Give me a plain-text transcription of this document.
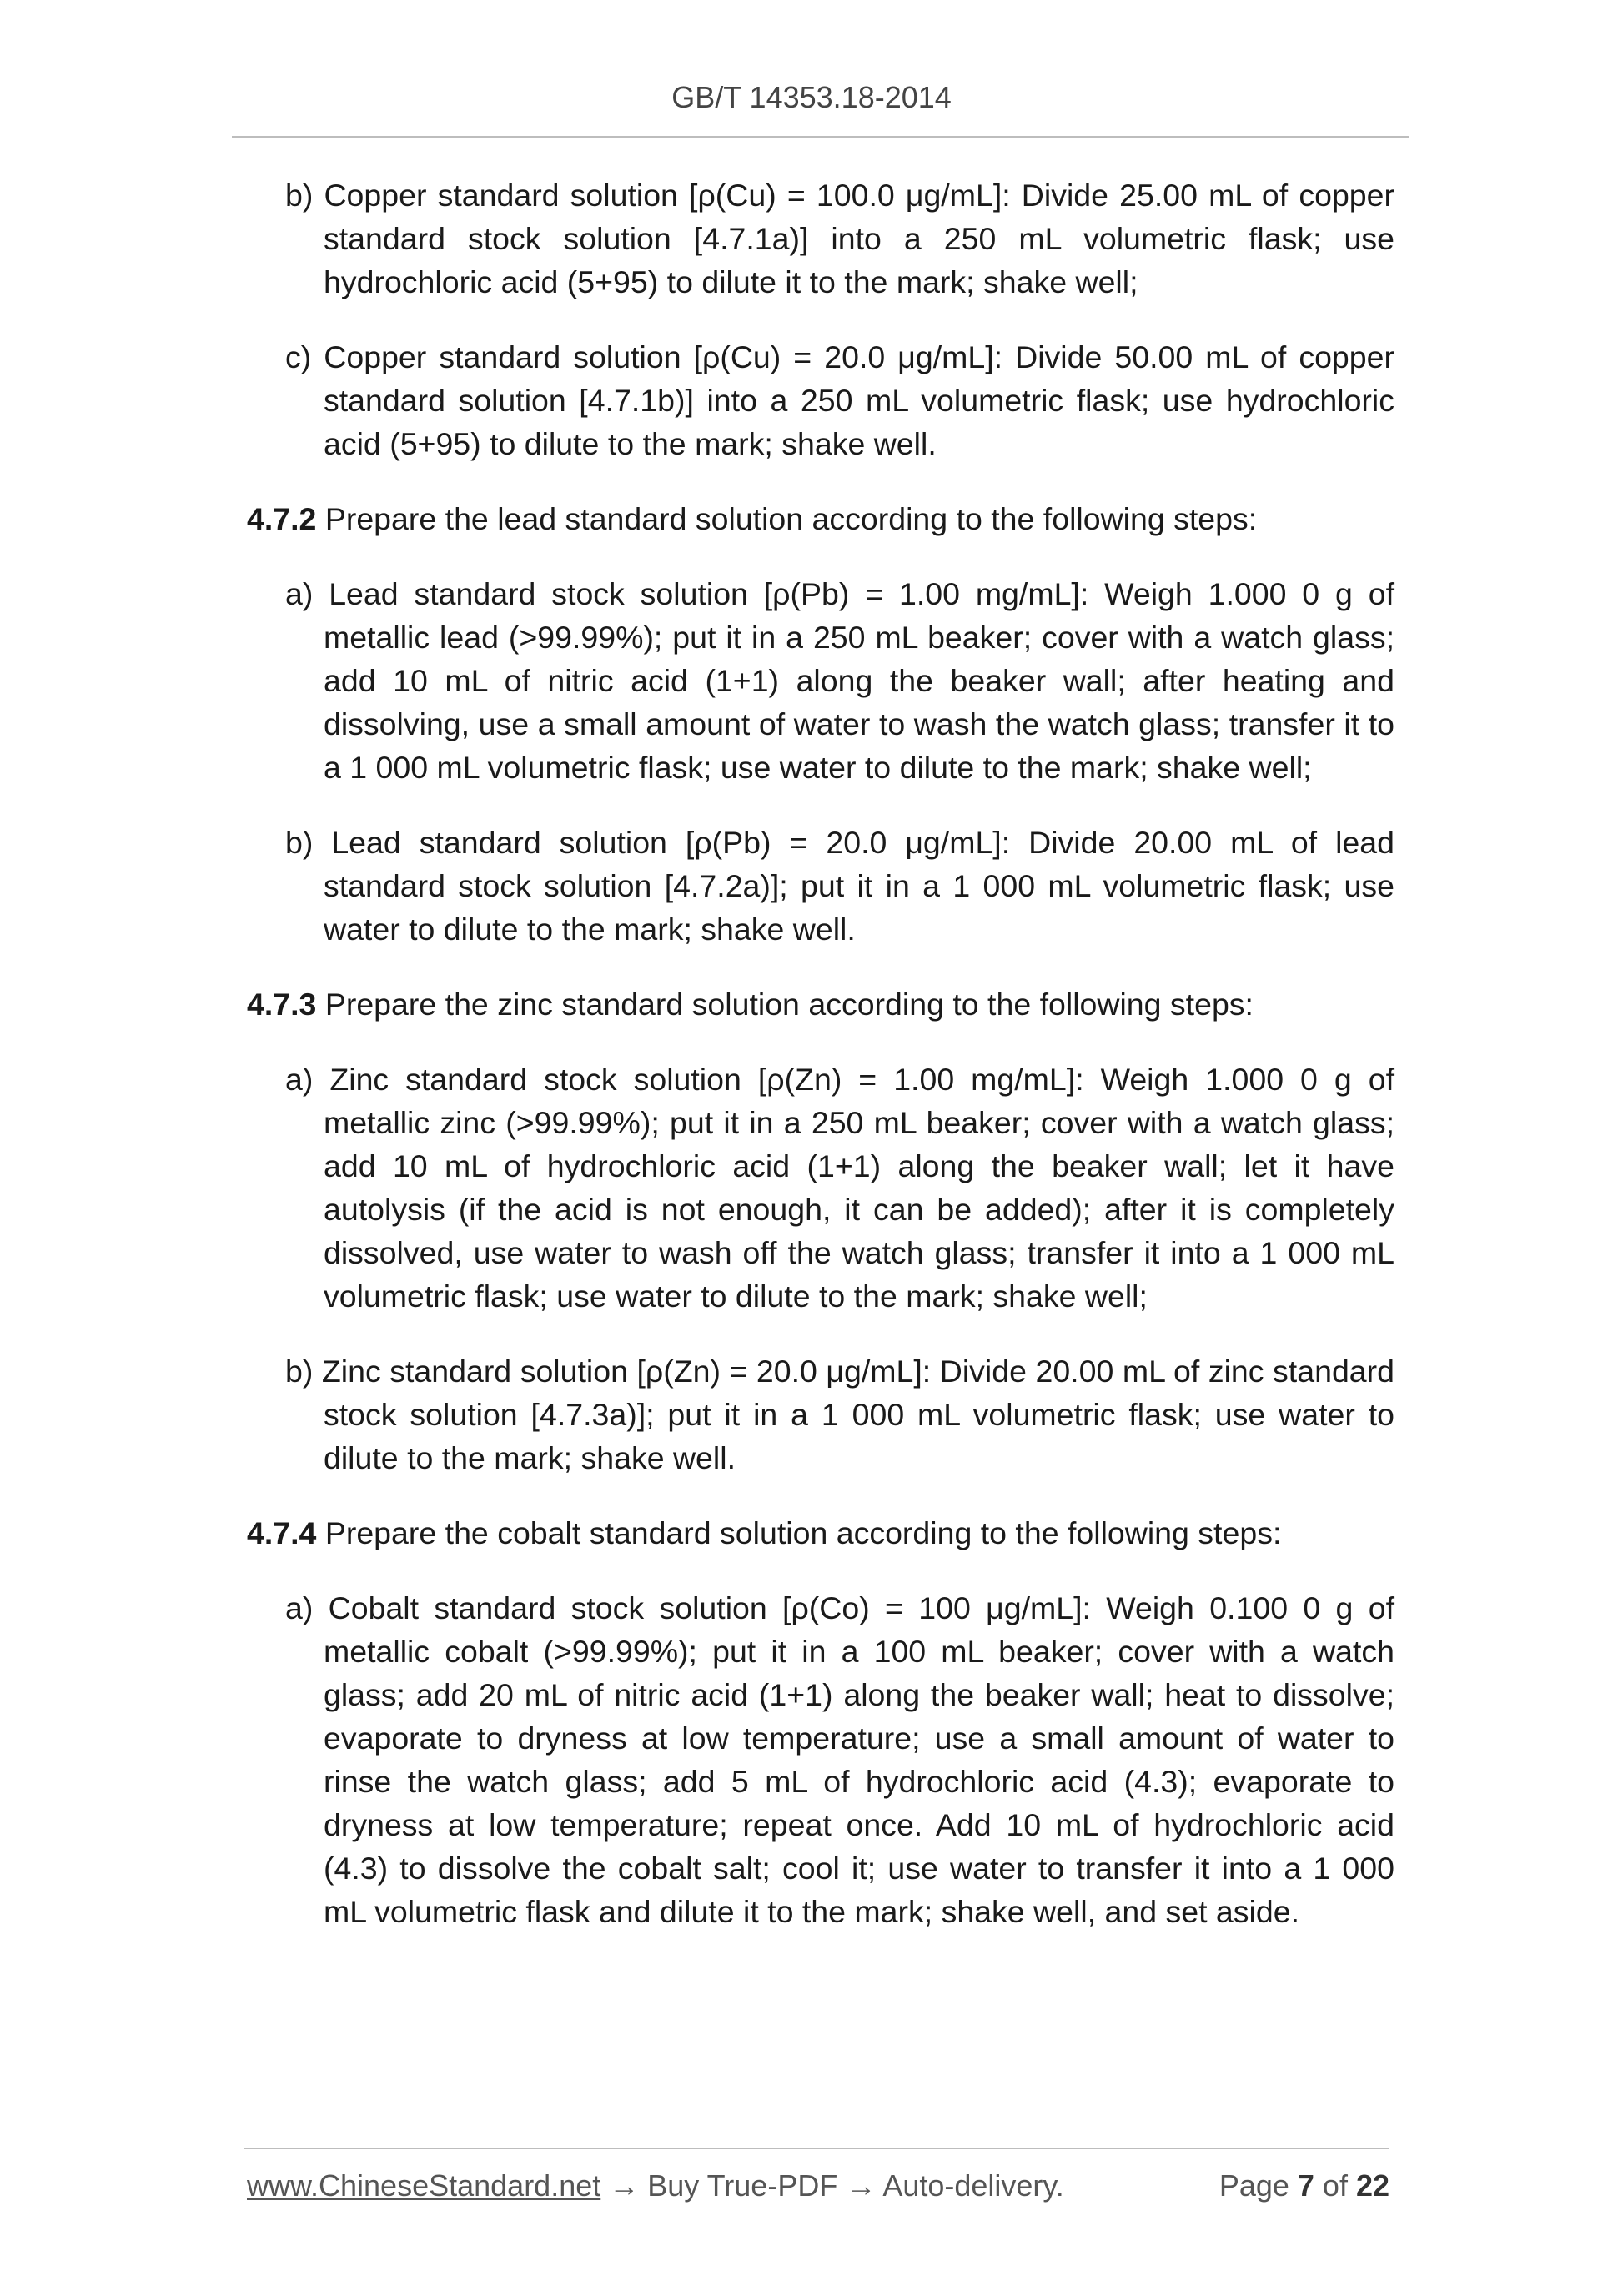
GB/T 14353.18-2014

b) Copper standard solution [ρ(Cu) = 100.0 μg/mL]: Divide 25.00 mL of copper standard stock solution [4.7.1a)] into a 250 mL volumetric flask; use hydrochloric acid (5+95) to dilute it to the mark; shake well;

c) Copper standard solution [ρ(Cu) = 20.0 μg/mL]: Divide 50.00 mL of copper standard solution [4.7.1b)] into a 250 mL volumetric flask; use hydrochloric acid (5+95) to dilute to the mark; shake well.

4.7.2 Prepare the lead standard solution according to the following steps:

a) Lead standard stock solution [ρ(Pb) = 1.00 mg/mL]: Weigh 1.000 0 g of metallic lead (>99.99%); put it in a 250 mL beaker; cover with a watch glass; add 10 mL of nitric acid (1+1) along the beaker wall; after heating and dissolving, use a small amount of water to wash the watch glass; transfer it to a 1 000 mL volumetric flask; use water to dilute to the mark; shake well;

b) Lead standard solution [ρ(Pb) = 20.0 μg/mL]: Divide 20.00 mL of lead standard stock solution [4.7.2a)]; put it in a 1 000 mL volumetric flask; use water to dilute to the mark; shake well.

4.7.3 Prepare the zinc standard solution according to the following steps:

a) Zinc standard stock solution [ρ(Zn) = 1.00 mg/mL]: Weigh 1.000 0 g of metallic zinc (>99.99%); put it in a 250 mL beaker; cover with a watch glass; add 10 mL of hydrochloric acid (1+1) along the beaker wall; let it have autolysis (if the acid is not enough, it can be added); after it is completely dissolved, use water to wash off the watch glass; transfer it into a 1 000 mL volumetric flask; use water to dilute to the mark; shake well;

b) Zinc standard solution [ρ(Zn) = 20.0 μg/mL]: Divide 20.00 mL of zinc standard stock solution [4.7.3a)]; put it in a 1 000 mL volumetric flask; use water to dilute to the mark; shake well.

4.7.4 Prepare the cobalt standard solution according to the following steps:

a) Cobalt standard stock solution [ρ(Co) = 100 μg/mL]: Weigh 0.100 0 g of metallic cobalt (>99.99%); put it in a 100 mL beaker; cover with a watch glass; add 20 mL of nitric acid (1+1) along the beaker wall; heat to dissolve; evaporate to dryness at low temperature; use a small amount of water to rinse the watch glass; add 5 mL of hydrochloric acid (4.3); evaporate to dryness at low temperature; repeat once. Add 10 mL of hydrochloric acid (4.3) to dissolve the cobalt salt; cool it; use water to transfer it into a 1 000 mL volumetric flask and dilute it to the mark; shake well, and set aside.

www.ChineseStandard.net → Buy True-PDF → Auto-delivery.	Page 7 of 22
